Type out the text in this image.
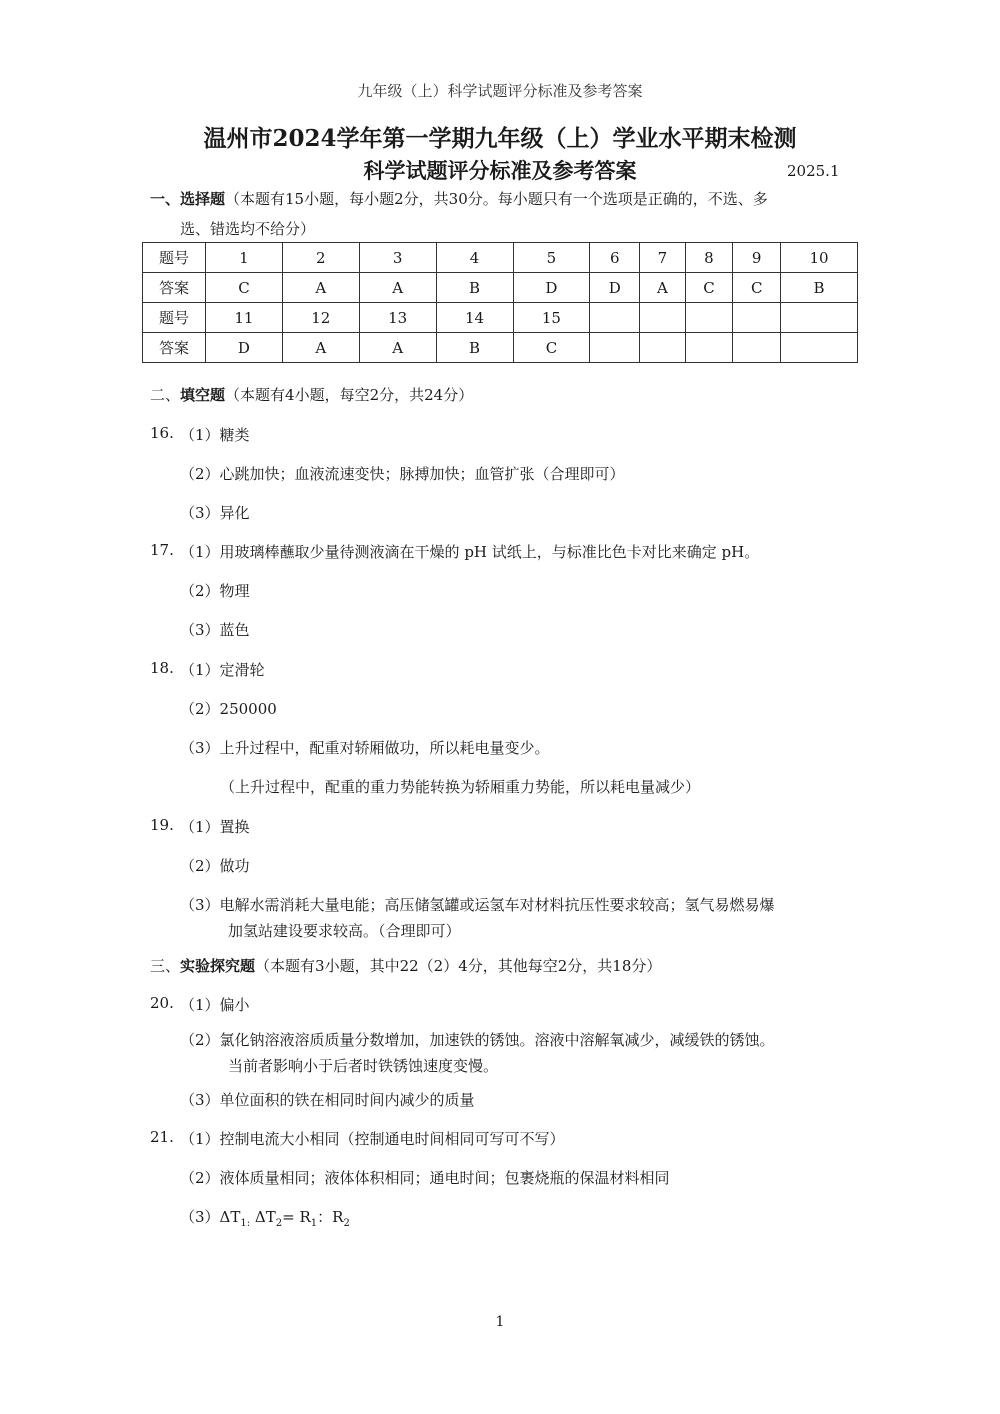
九年级（上）科学试题评分标准及参考答案
温州市2024学年第一学期九年级（上）学业水平期末检测
科学试题评分标准及参考答案	2025.1
一、选择题（本题有15小题，每小题2分，共30分。每小题只有一个选项是正确的，不选、多
选、错选均不给分）
题号	1	2	3	4	5	6	7	8	9	10
答案	C	A	A	B	D	D	A	C	C	B
题号	11	12	13	14	15					
答案	D	A	A	B	C					
二、填空题（本题有4小题，每空2分，共24分）
16. （1）糖类
（2）心跳加快；血液流速变快；脉搏加快；血管扩张（合理即可）
（3）异化
17. （1）用玻璃棒蘸取少量待测液滴在干燥的 pH 试纸上，与标准比色卡对比来确定 pH。
（2）物理
（3）蓝色
18. （1）定滑轮
（2）250000
（3）上升过程中，配重对轿厢做功，所以耗电量变少。
（上升过程中，配重的重力势能转换为轿厢重力势能，所以耗电量减少）
19. （1）置换
（2）做功
（3）电解水需消耗大量电能；高压储氢罐或运氢车对材料抗压性要求较高；氢气易燃易爆
加氢站建设要求较高。（合理即可）
三、实验探究题（本题有3小题，其中22（2）4分，其他每空2分，共18分）
20. （1）偏小
（2）氯化钠溶液溶质质量分数增加，加速铁的锈蚀。溶液中溶解氧减少，减缓铁的锈蚀。
当前者影响小于后者时铁锈蚀速度变慢。
（3）单位面积的铁在相同时间内减少的质量
21. （1）控制电流大小相同（控制通电时间相同可写可不写）
（2）液体质量相同；液体体积相同；通电时间；包裹烧瓶的保温材料相同
$(3)\Delta T_{1:}$ $\Delta T_2= R_1$：$R_2$
1
